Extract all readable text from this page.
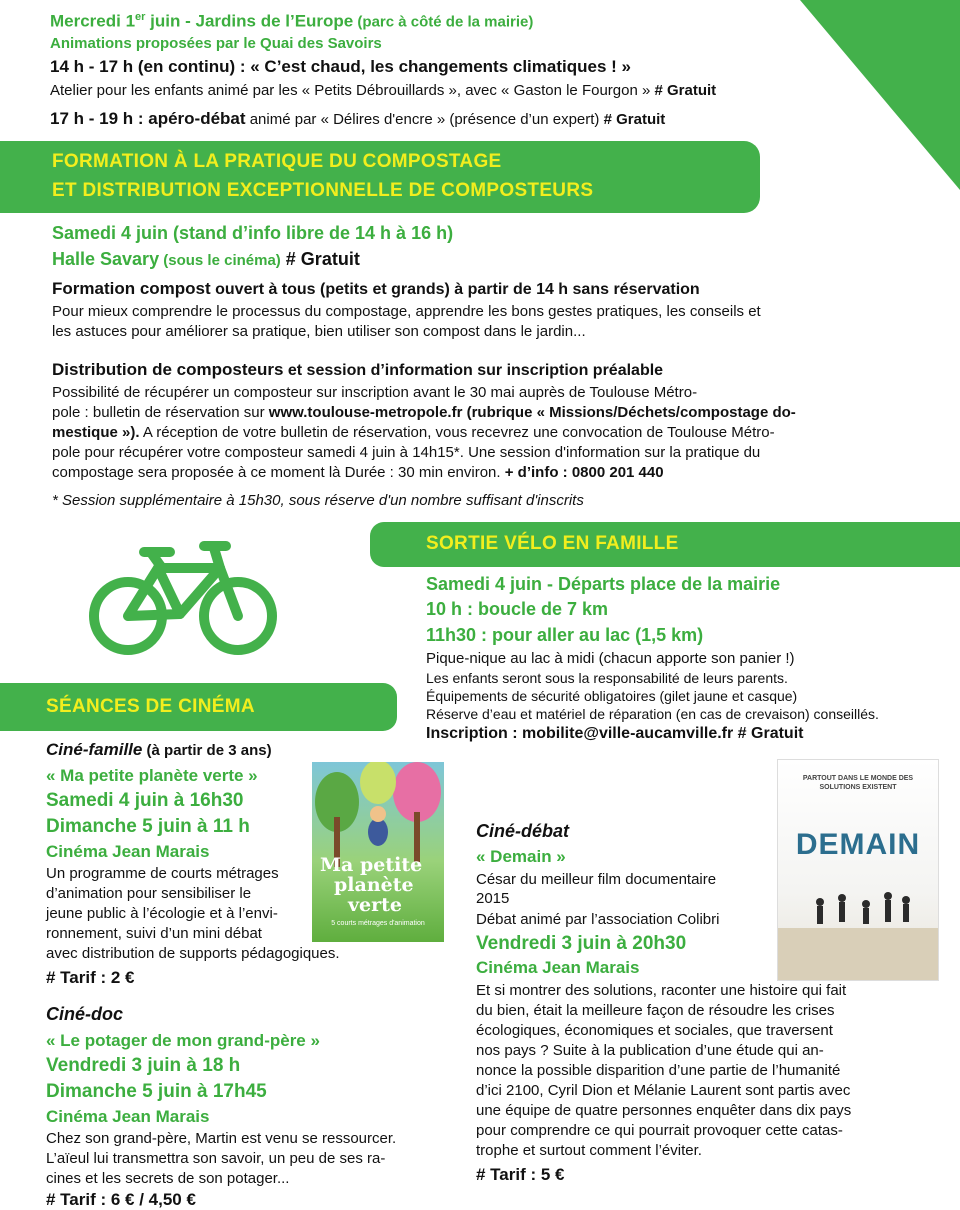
Mercredi 1er juin - Jardins de l’Europe (parc à côté de la mairie)
Animations proposées par le Quai des Savoirs
14 h - 17 h (en continu) : « C’est chaud, les changements climatiques ! »
Atelier pour les enfants animé par les « Petits Débrouillards », avec « Gaston le Fourgon » # Gratuit
17 h - 19 h : apéro-débat animé par « Délires d'encre » (présence d’un expert) # Gratuit
FORMATION À LA PRATIQUE DU COMPOSTAGE
ET DISTRIBUTION EXCEPTIONNELLE DE COMPOSTEURS
Samedi 4 juin (stand d’info libre de 14 h à 16 h)
Halle Savary (sous le cinéma) # Gratuit
Formation compost ouvert à tous (petits et grands) à partir de 14 h sans réservation
Pour mieux comprendre le processus du compostage, apprendre les bons gestes pratiques, les conseils et
les astuces pour améliorer sa pratique, bien utiliser son compost dans le jardin...
Distribution de composteurs et session d’information sur inscription préalable
Possibilité de récupérer un composteur sur inscription avant le 30 mai auprès de Toulouse Métro-
pole : bulletin de réservation sur www.toulouse-metropole.fr (rubrique « Missions/Déchets/compostage do-
mestique »). A réception de votre bulletin de réservation, vous recevrez une convocation de Toulouse Métro-
pole pour récupérer votre composteur samedi 4 juin à 14h15*. Une session d'information sur la pratique du
compostage sera proposée à ce moment là Durée : 30 min environ. + d’info : 0800 201 440
* Session supplémentaire à 15h30, sous réserve d'un nombre suffisant d'inscrits
SORTIE VÉLO EN FAMILLE
Samedi 4 juin - Départs place de la mairie
10 h : boucle de 7 km
11h30 : pour aller au lac (1,5 km)
Pique-nique au lac à midi (chacun apporte son panier !)
Les enfants seront sous la responsabilité de leurs parents.
Équipements de sécurité obligatoires (gilet jaune et casque)
Réserve d’eau et matériel de réparation (en cas de crevaison) conseillés.
Inscription : mobilite@ville-aucamville.fr # Gratuit
SÉANCES DE CINÉMA
Ciné-famille (à partir de 3 ans)
« Ma petite planète verte »
Samedi 4 juin à 16h30
Dimanche 5 juin à 11 h
Cinéma Jean Marais
Un programme de courts métrages
d’animation pour sensibiliser le
jeune public à l’écologie et à l’envi-
ronnement, suivi d’un mini débat
avec distribution de supports pédagogiques.
# Tarif : 2 €
Ma petite
planète
verte
5 courts métrages d'animation
Ciné-doc
« Le potager de mon grand-père »
Vendredi 3 juin à 18 h
Dimanche 5 juin à 17h45
Cinéma Jean Marais
Chez son grand-père, Martin est venu se ressourcer.
L’aïeul lui transmettra son savoir, un peu de ses ra-
cines et les secrets de son potager...
# Tarif : 6 € / 4,50 €
Ciné-débat
« Demain »
César du meilleur film documentaire
2015
Débat animé par l’association Colibri
Vendredi 3 juin à 20h30
Cinéma Jean Marais
Et si montrer des solutions, raconter une histoire qui fait
du bien, était la meilleure façon de résoudre les crises
écologiques, économiques et sociales, que traversent
nos pays ? Suite à la publication d’une étude qui an-
nonce la possible disparition d’une partie de l’humanité
d’ici 2100, Cyril Dion et Mélanie Laurent sont partis avec
une équipe de quatre personnes enquêter dans dix pays
pour comprendre ce qui pourrait provoquer cette catas-
trophe et surtout comment l’éviter.
# Tarif : 5 €
PARTOUT DANS LE MONDE DES SOLUTIONS EXISTENT
DEMAIN
